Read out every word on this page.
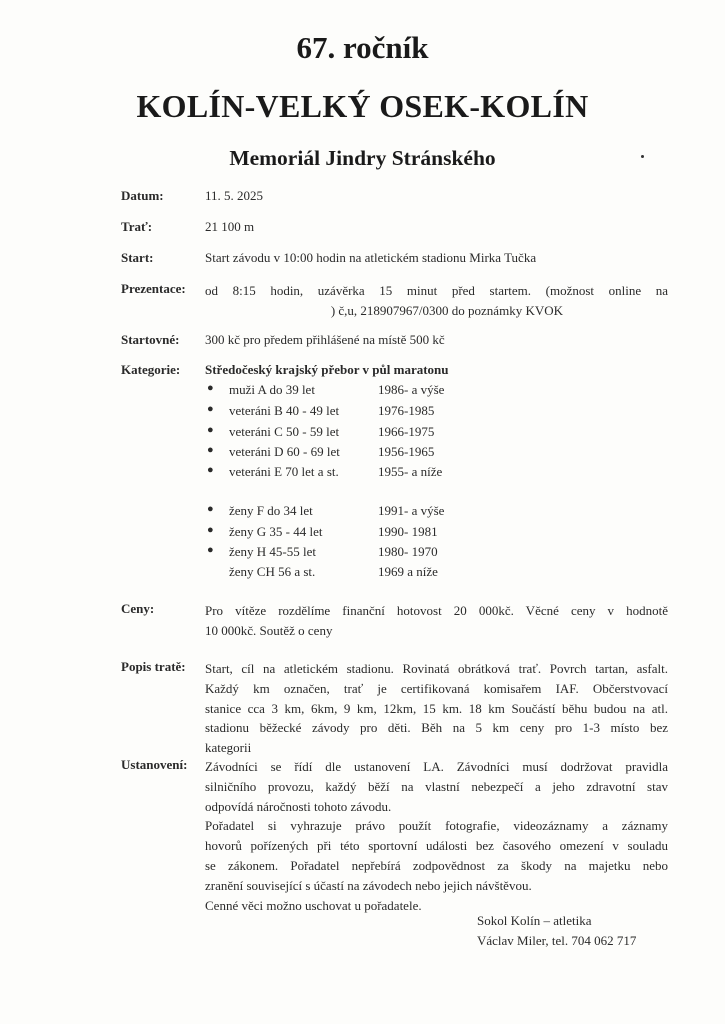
67. ročník
KOLÍN-VELKÝ OSEK-KOLÍN
Memoriál Jindry Stránského
Datum:	11. 5. 2025
Trať:	21 100 m
Start:	Start závodu v 10:00 hodin na atletickém stadionu Mirka Tučka
Prezentace: od 8:15 hodin, uzávěrka 15 minut před startem. (možnost online na
) č,u, 218907967/0300 do poznámky KVOK
Startovné: 300 kč pro předem přihlášené na místě 500 kč
Kategorie: Středočeský krajský přebor v půl maratonu
● muži A do 39 let	1986- a výše
● veteráni B 40 - 49 let	1976-1985
● veteráni C 50 - 59 let	1966-1975
● veteráni D 60 - 69 let	1956-1965
● veteráni E 70 let a st.	1955- a níže
● ženy F do 34 let	1991- a výše
● ženy G 35 - 44 let	1990- 1981
● ženy H 45-55 let	1980- 1970
ženy CH 56 a st.	1969 a níže
Ceny:	Pro vítěze rozdělíme finanční hotovost 20 000kč. Věcné ceny v hodnotě
10 000kč. Soutěž o ceny
Popis tratě: Start, cíl na atletickém stadionu. Rovinatá obrátková trať. Povrch tartan, asfalt.
Každý km označen, trať je certifikovaná komisařem IAF. Občerstvovací
stanice cca 3 km, 6km, 9 km, 12km, 15 km. 18 km Součástí běhu budou na atl.
stadionu běžecké závody pro děti. Běh na 5 km ceny pro 1-3 místo bez
kategorii
Ustanovení: Závodníci se řídí dle ustanovení LA. Závodníci musí dodržovat pravidla
silničního provozu, každý běží na vlastní nebezpečí a jeho zdravotní stav
odpovídá náročnosti tohoto závodu.
Pořadatel si vyhrazuje právo použít fotografie, videozáznamy a záznamy
hovorů pořízených při této sportovní události bez časového omezení v souladu
se zákonem. Pořadatel nepřebírá zodpovědnost za škody na majetku nebo
zranění související s účastí na závodech nebo jejich návštěvou.
Cenné věci možno uschovat u pořadatele.
Sokol Kolín – atletika
Václav Miler, tel. 704 062 717
